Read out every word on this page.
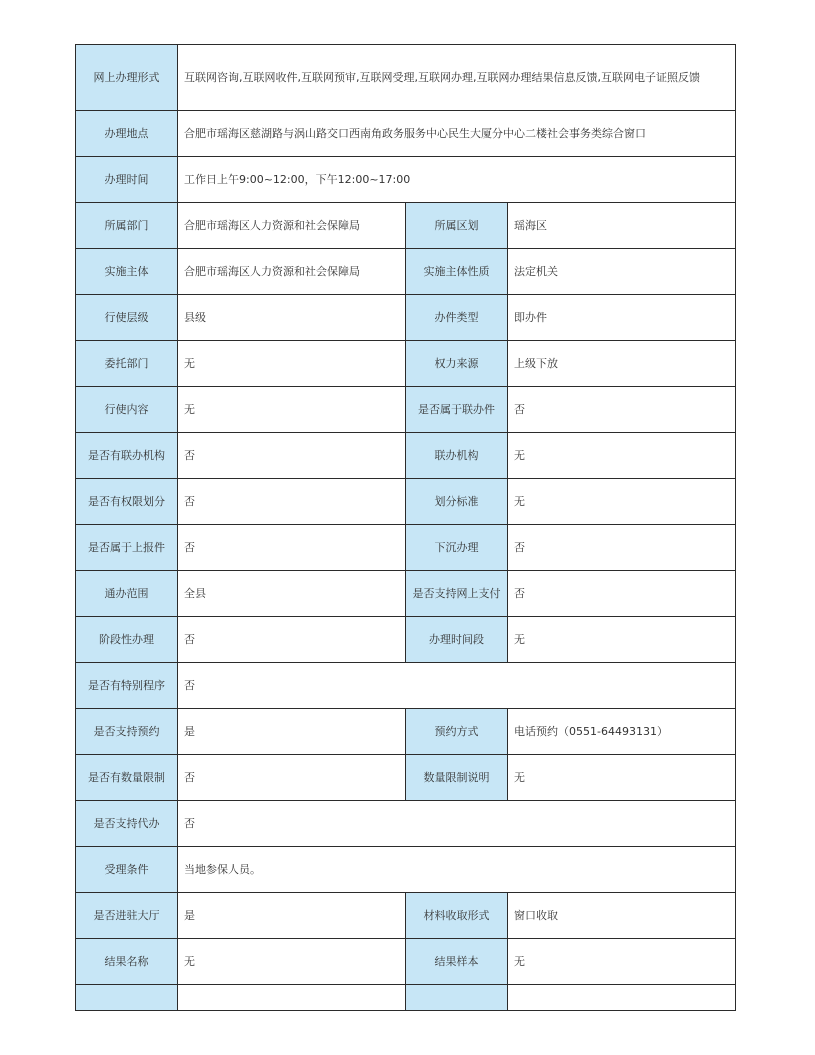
网上办理形式	互联网咨询,互联网收件,互联网预审,互联网受理,互联网办理,互联网办理结果信息反馈,互联网电子证照反馈		
办理地点	合肥市瑶海区慈湖路与涡山路交口西南角政务服务中心民生大厦分中心二楼社会事务类综合窗口		
办理时间	工作日上午9:00~12:00，下午12:00~17:00		
所属部门	合肥市瑶海区人力资源和社会保障局	所属区划	瑶海区
实施主体	合肥市瑶海区人力资源和社会保障局	实施主体性质	法定机关
行使层级	县级	办件类型	即办件
委托部门	无	权力来源	上级下放
行使内容	无	是否属于联办件	否
是否有联办机构	否	联办机构	无
是否有权限划分	否	划分标准	无
是否属于上报件	否	下沉办理	否
通办范围	全县	是否支持网上支付	否
阶段性办理	否	办理时间段	无
是否有特别程序	否		
是否支持预约	是	预约方式	电话预约（0551-64493131）
是否有数量限制	否	数量限制说明	无
是否支持代办	否		
受理条件	当地参保人员。		
是否进驻大厅	是	材料收取形式	窗口收取
结果名称	无	结果样本	无
